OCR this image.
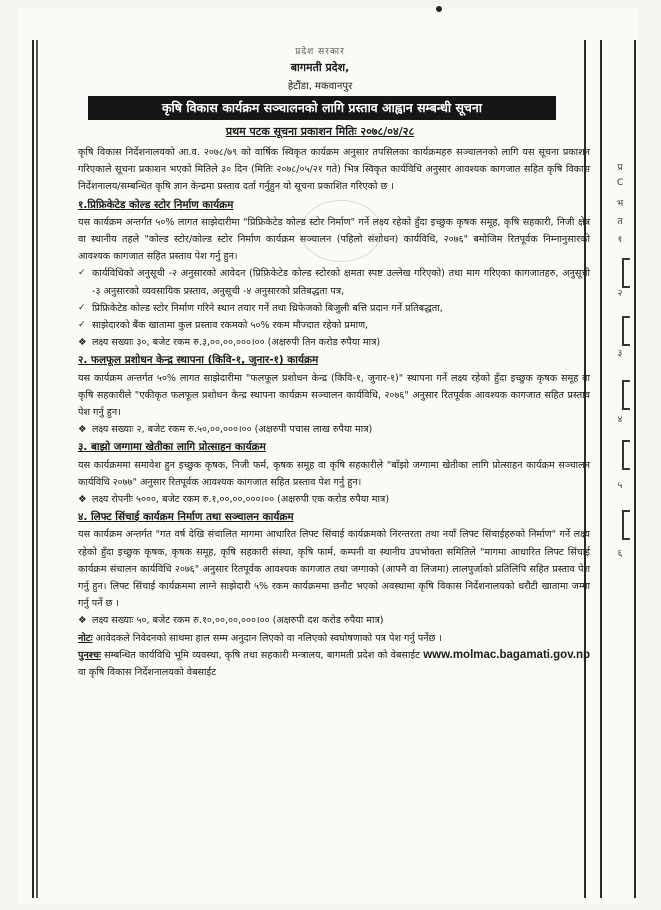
प्रदेश सरकार
बागमती प्रदेश,
हेटौंडा, मकवानपुर
कृषि विकास कार्यक्रम सञ्चालनको लागि प्रस्ताव आह्वान सम्बन्धी सूचना
प्रथम पटक सूचना प्रकाशन मितिः २०७८/०४/२८

कृषि विकास निर्देशनालयको आ.व. २०७८/७९ को वार्षिक स्विकृत कार्यक्रम अनुसार तपसिलका कार्यक्रमहरु सञ्चालनको लागि यस सूचना प्रकाशन गरिएकाले सूचना प्रकाशन भएको मितिले ३० दिन (मितिः २०७८/०५/२१ गते) भित्र स्विकृत कार्यविधि अनुसार आवश्यक कागजात सहित कृषि विकास निर्देशनालय/सम्बन्धित कृषि ज्ञान केन्द्रमा प्रस्ताव दर्ता गर्नुहुन यो सूचना प्रकाशित गरिएको छ ।

१.प्रिफ्रिकेटेड कोल्ड स्टोर निर्माण कार्यक्रम

यस कार्यक्रम अन्तर्गत ५०% लागत साझेदारीमा "प्रिफ्रिकेटेड कोल्ड स्टोर निर्माण" गर्ने लक्ष्य रहेको हुँदा इच्छुक कृषक समूह, कृषि सहकारी, निजी क्षेत्र वा स्थानीय तहले "कोल्ड स्टोर/कोल्ड स्टोर निर्माण कार्यक्रम सञ्चालन (पहिलो संशोधन) कार्यविधि, २०७६" बमोजिम रितपूर्वक निम्नानुसारको आवश्यक कागजात सहित प्रस्ताव पेश गर्नु हुन।

✓ कार्यविधिको अनुसूची -२ अनुसारको आवेदन (प्रिफ्रिकेटेड कोल्ड स्टोरको क्षमता स्पष्ट उल्लेख गरिएको) तथा माग गरिएका कागजातहरु, अनुसूची -३ अनुसारको व्यवसायिक प्रस्ताव, अनुसूची -४ अनुसारको प्रतिबद्धता पत्र,
✓ प्रिफ्रिकेटेड कोल्ड स्टोर निर्माण गरिने स्थान तयार गर्ने तथा थ्रिफेजको बिजुली बत्ति प्रदान गर्ने प्रतिबद्धता,
✓ साझेदारको बैंक खातामा कुल प्रस्ताव रकमको ५०% रकम मौज्दात रहेको प्रमाण,
❖ लक्ष्य सख्याः ३०, बजेट रकम रु.३,००,००,०००।०० (अक्षरुपी तिन करोड रुपैया मात्र)

२. फलफूल प्रशोधन केन्द्र स्थापना (किवि-१, जुनार-१) कार्यक्रम

यस कार्यक्रम अन्तर्गत ५०% लागत साझेदारीमा "फलफूल प्रशोधन केन्द्र (किवि-१, जुनार-१)" स्थापना गर्ने लक्ष्य रहेको हुँदा इच्छुक कृषक समूह वा कृषि सहकारीले "एकीकृत फलफूल प्रशोधन केन्द्र स्थापना कार्यक्रम सञ्चालन कार्यविधि, २०७६" अनुसार रितपूर्वक आवश्यक कागजात सहित प्रस्ताव पेश गर्नु हुन।

❖ लक्ष्य सख्याः २, बजेट रकम रु.५०,००,०००।०० (अक्षरुपी पचास लाख रुपैया मात्र)

३. बाझो जग्गामा खेतीका लागि प्रोत्साहन कार्यक्रम

यस कार्यक्रममा समावेश हुन इच्छुक कृषक, निजी फर्म, कृषक समूह वा कृषि सहकारीले "बाँझो जग्गामा खेतीका लागि प्रोत्साहन कार्यक्रम सञ्चालन कार्यविधि २०७७" अनुसार रितपूर्वक आवश्यक कागजात सहित प्रस्ताव पेश गर्नु हुन।

❖ लक्ष्य रोपनीः ५०००, बजेट रकम रु.१,००,००,०००।०० (अक्षरुपी एक करोड रुपैया मात्र)

४. लिफ्ट सिंचाई कार्यक्रम निर्माण तथा सञ्चालन कार्यक्रम

यस कार्यक्रम अन्तर्गत "गत वर्ष देखि संचालित मागमा आधारित लिफ्ट सिंचाई कार्यक्रमको निरन्तरता तथा नयाँ लिफ्ट सिंचाईहरुको निर्माण" गर्ने लक्ष्य रहेको हुँदा इच्छुक कृषक, कृषक समूह, कृषि सहकारी संस्था, कृषि फार्म, कम्पनी वा स्थानीय उपभोक्ता समितिले "मागमा आधारित लिफ्ट सिंचाई कार्यक्रम संचालन कार्यविधि २०७६" अनुसार रितपूर्वक आवश्यक कागजात तथा जग्गाको (आफ्नै वा लिजमा) लालपुर्जाको प्रतिलिपि सहित प्रस्ताव पेश गर्नु हुन। लिफ्ट सिंचाई कार्यक्रममा लाग्ने साझेदारी ५% रकम कार्यक्रममा छनौट भएको अवस्थामा कृषि विकास निर्देशनालयको धरौटी खातामा जम्मा गर्नु पर्ने छ ।

❖ लक्ष्य सख्याः ५०, बजेट रकम रु.१०,००,००,०००।०० (अक्षरुपी दश करोड रुपैया मात्र)

नोटः आवेदकले निवेदनको साथमा हाल सम्म अनुदान लिएको वा नलिएको स्वघोषणाको पत्र पेश गर्नु पर्नेछ ।

पुनश्चः सम्बन्धित कार्यविधि भूमि व्यवस्था, कृषि तथा सहकारी मन्त्रालय, बागमती प्रदेश को वेबसाईट www.molmac.bagamati.gov.np वा कृषि विकास निर्देशनालयको वेबसाईट

प्र
C
भ
त
१
२
३
४
५
६
